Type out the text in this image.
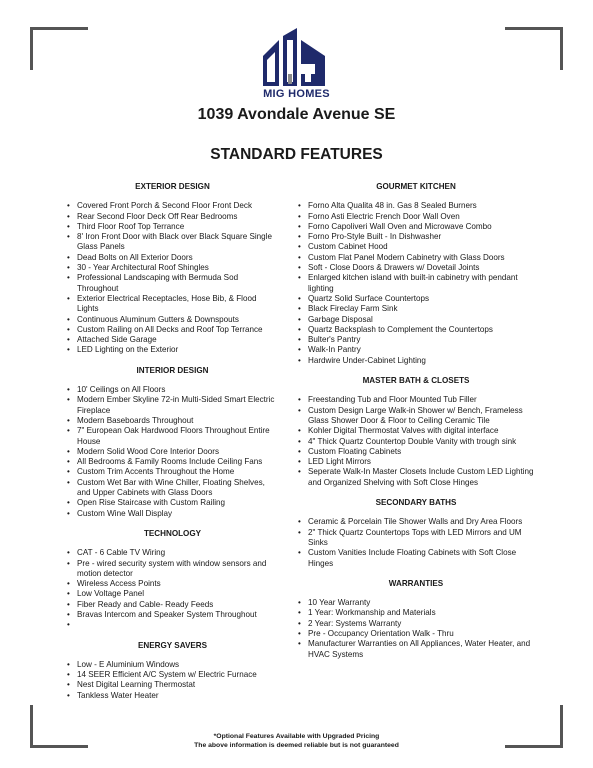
MIG HOMES
1039 Avondale Avenue SE
STANDARD FEATURES
EXTERIOR DESIGN
• Covered Front Porch & Second Floor Front Deck
• Rear Second Floor Deck Off Rear Bedrooms
• Third Floor Roof Top Terrance
• 8' Iron Front Door with Black over Black Square Single Glass Panels
• Dead Bolts on All Exterior Doors
• 30 - Year Architectural Roof Shingles
• Professional Landscaping with Bermuda Sod Throughout
• Exterior Electrical Receptacles, Hose Bib, & Flood Lights
• Continuous Aluminum Gutters & Downspouts
• Custom Railing on All Decks and Roof Top Terrance
• Attached Side Garage
• LED Lighting on the Exterior
INTERIOR DESIGN
• 10' Ceilings on All Floors
• Modern Ember Skyline 72-in Multi-Sided Smart Electric Fireplace
• Modern Baseboards Throughout
• 7" European Oak Hardwood Floors Throughout Entire House
• Modern Solid Wood Core Interior Doors
• All Bedrooms & Family Rooms Include Ceiling Fans
• Custom Trim Accents Throughout the Home
• Custom Wet Bar with Wine Chiller, Floating Shelves, and Upper Cabinets with Glass Doors
• Open Rise Staircase with Custom Railing
• Custom Wine Wall Display
TECHNOLOGY
• CAT - 6 Cable TV Wiring
• Pre - wired security system with window sensors and motion detector
• Wireless Access Points
• Low Voltage Panel
• Fiber Ready and Cable- Ready Feeds
• Bravas Intercom and Speaker System Throughout
•
ENERGY SAVERS
• Low - E Aluminium Windows
• 14 SEER Efficient A/C System w/ Electric Furnace
• Nest Digital Learning Thermostat
• Tankless Water Heater
GOURMET KITCHEN
• Forno Alta Qualita 48 in. Gas 8 Sealed Burners
• Forno Asti Electric French Door Wall Oven
• Forno Capoliveri Wall Oven and Microwave Combo
• Forno Pro-Style Built - In Dishwasher
• Custom Cabinet Hood
• Custom Flat Panel Modern Cabinetry with Glass Doors
• Soft - Close Doors & Drawers w/ Dovetail Joints
• Enlarged kitchen island with built-in cabinetry with pendant lighting
• Quartz Solid Surface Countertops
• Black Fireclay Farm Sink
• Garbage Disposal
• Quartz Backsplash to Complement the Countertops
• Bulter's Pantry
• Walk-In Pantry
• Hardwire Under-Cabinet Lighting
MASTER BATH & CLOSETS
• Freestanding Tub and Floor Mounted Tub Filler
• Custom Design Large Walk-in Shower w/ Bench, Frameless Glass Shower Door & Floor to Ceiling Ceramic Tile
• Kohler Digital Thermostat Valves with digital interface
• 4" Thick Quartz Countertop Double Vanity with trough sink
• Custom Floating Cabinets
• LED Light Mirrors
• Seperate Walk-In Master Closets Include Custom LED Lighting and Organized Shelving with Soft Close Hinges
SECONDARY BATHS
• Ceramic & Porcelain Tile Shower Walls and Dry Area Floors
• 2" Thick Quartz Countertops Tops with LED Mirrors and UM Sinks
• Custom Vanities Include Floating Cabinets with Soft Close Hinges
WARRANTIES
• 10 Year Warranty
• 1 Year: Workmanship and Materials
• 2 Year: Systems Warranty
• Pre - Occupancy Orientation Walk - Thru
• Manufacturer Warranties on All Appliances, Water Heater, and HVAC Systems
*Optional Features Available with Upgraded Pricing
The above information is deemed reliable but is not guaranteed
